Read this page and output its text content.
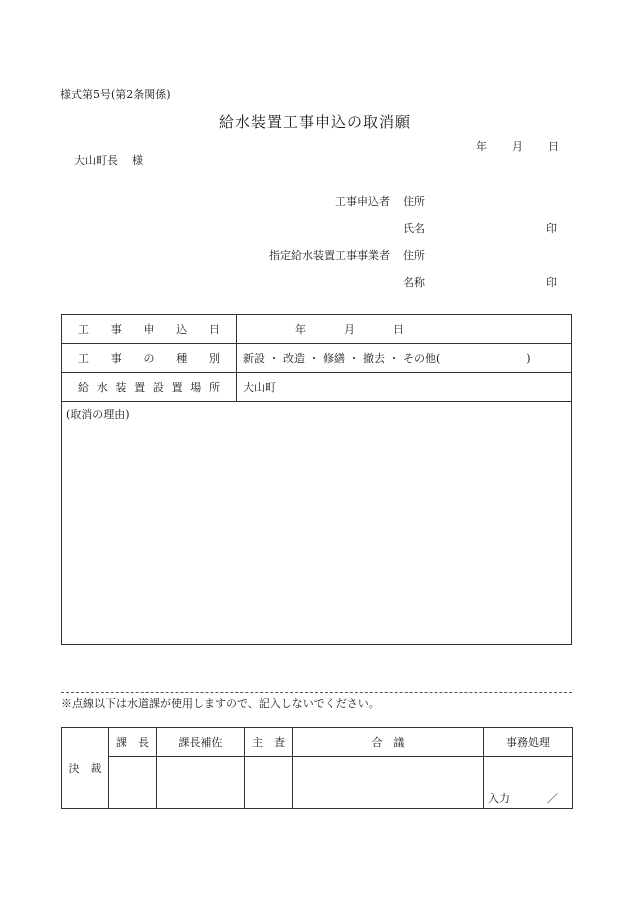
様式第5号(第2条関係)
給水装置工事申込の取消願
年 月 日
大山町長 様
工事申込者 住所
氏名	印
指定給水装置工事事業者 住所
名称	印
工事申込日	年 月 日
工事の種別	新設 ・ 改造 ・ 修繕 ・ 撤去 ・ その他( )
給水装置設置場所	大山町
(取消の理由)	
※点線以下は水道課が使用しますので、記入しないでください。
決　裁	課　長	課長補佐	主　査	合　議	事務処理

					入力 ／
